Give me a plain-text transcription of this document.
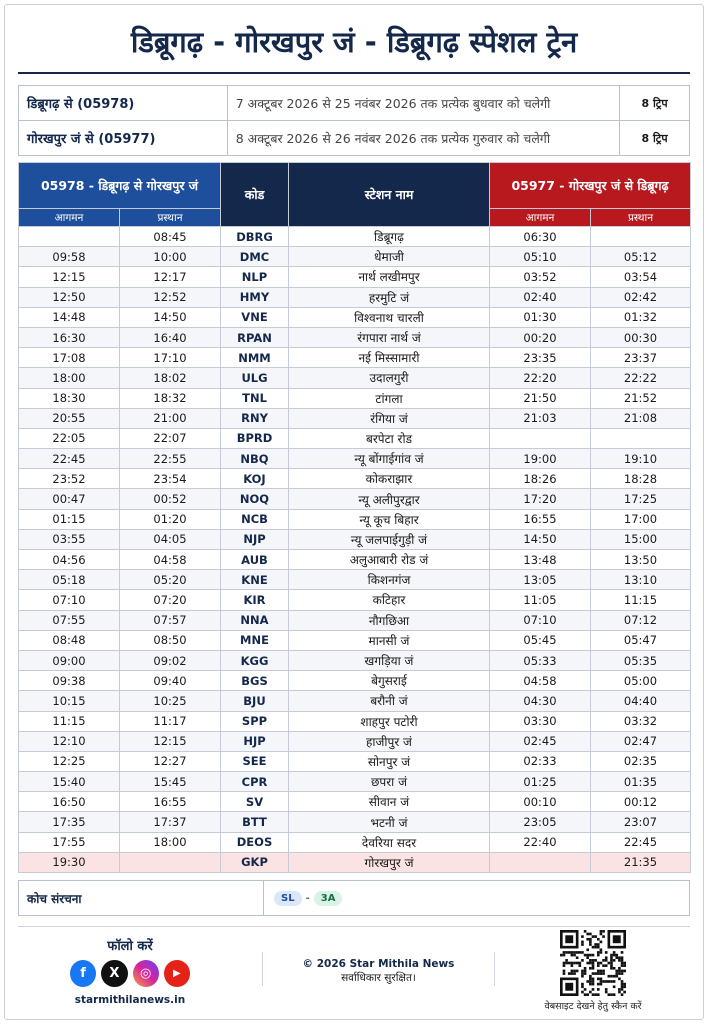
डिब्रूगढ़ - गोरखपुर जं - डिब्रूगढ़ स्पेशल ट्रेन
डिब्रूगढ़ से (05978)	7 अक्टूबर 2026 से 25 नवंबर 2026 तक प्रत्येक बुधवार को चलेगी	8 ट्रिप
गोरखपुर जं से (05977)	8 अक्टूबर 2026 से 26 नवंबर 2026 तक प्रत्येक गुरुवार को चलेगी	8 ट्रिप
05978 - डिब्रूगढ़ से गोरखपुर जं		कोड	स्टेशन नाम	05977 - गोरखपुर जं से डिब्रूगढ़	
आगमन	प्रस्थान			आगमन	प्रस्थान
	08:45	DBRG	डिब्रूगढ़	06:30	
09:58	10:00	DMC	धेमाजी	05:10	05:12
12:15	12:17	NLP	नार्थ लखीमपुर	03:52	03:54
12:50	12:52	HMY	हरमुटि जं	02:40	02:42
14:48	14:50	VNE	विश्वनाथ चारली	01:30	01:32
16:30	16:40	RPAN	रंगपारा नार्थ जं	00:20	00:30
17:08	17:10	NMM	नई मिस्सामारी	23:35	23:37
18:00	18:02	ULG	उदालगुरी	22:20	22:22
18:30	18:32	TNL	टांगला	21:50	21:52
20:55	21:00	RNY	रंगिया जं	21:03	21:08
22:05	22:07	BPRD	बरपेटा रोड		
22:45	22:55	NBQ	न्यू बोंगाईगांव जं	19:00	19:10
23:52	23:54	KOJ	कोकराझार	18:26	18:28
00:47	00:52	NOQ	न्यू अलीपुरद्वार	17:20	17:25
01:15	01:20	NCB	न्यू कूच बिहार	16:55	17:00
03:55	04:05	NJP	न्यू जलपाईगुड़ी जं	14:50	15:00
04:56	04:58	AUB	अलुआबारी रोड जं	13:48	13:50
05:18	05:20	KNE	किशनगंज	13:05	13:10
07:10	07:20	KIR	कटिहार	11:05	11:15
07:55	07:57	NNA	नौगछिआ	07:10	07:12
08:48	08:50	MNE	मानसी जं	05:45	05:47
09:00	09:02	KGG	खगड़िया जं	05:33	05:35
09:38	09:40	BGS	बेगुसराई	04:58	05:00
10:15	10:25	BJU	बरौनी जं	04:30	04:40
11:15	11:17	SPP	शाहपुर पटोरी	03:30	03:32
12:10	12:15	HJP	हाजीपुर जं	02:45	02:47
12:25	12:27	SEE	सोनपुर जं	02:33	02:35
15:40	15:45	CPR	छपरा जं	01:25	01:35
16:50	16:55	SV	सीवान जं	00:10	00:12
17:35	17:37	BTT	भटनी जं	23:05	23:07
17:55	18:00	DEOS	देवरिया सदर	22:40	22:45
19:30		GKP	गोरखपुर जं		21:35
कोच संरचना	SL	-	3A
फॉलो करें
f	X	◎	▶
starmithilanews.in
© 2026 Star Mithila News
सर्वाधिकार सुरक्षित।
वेबसाइट देखने हेतु स्कैन करें
